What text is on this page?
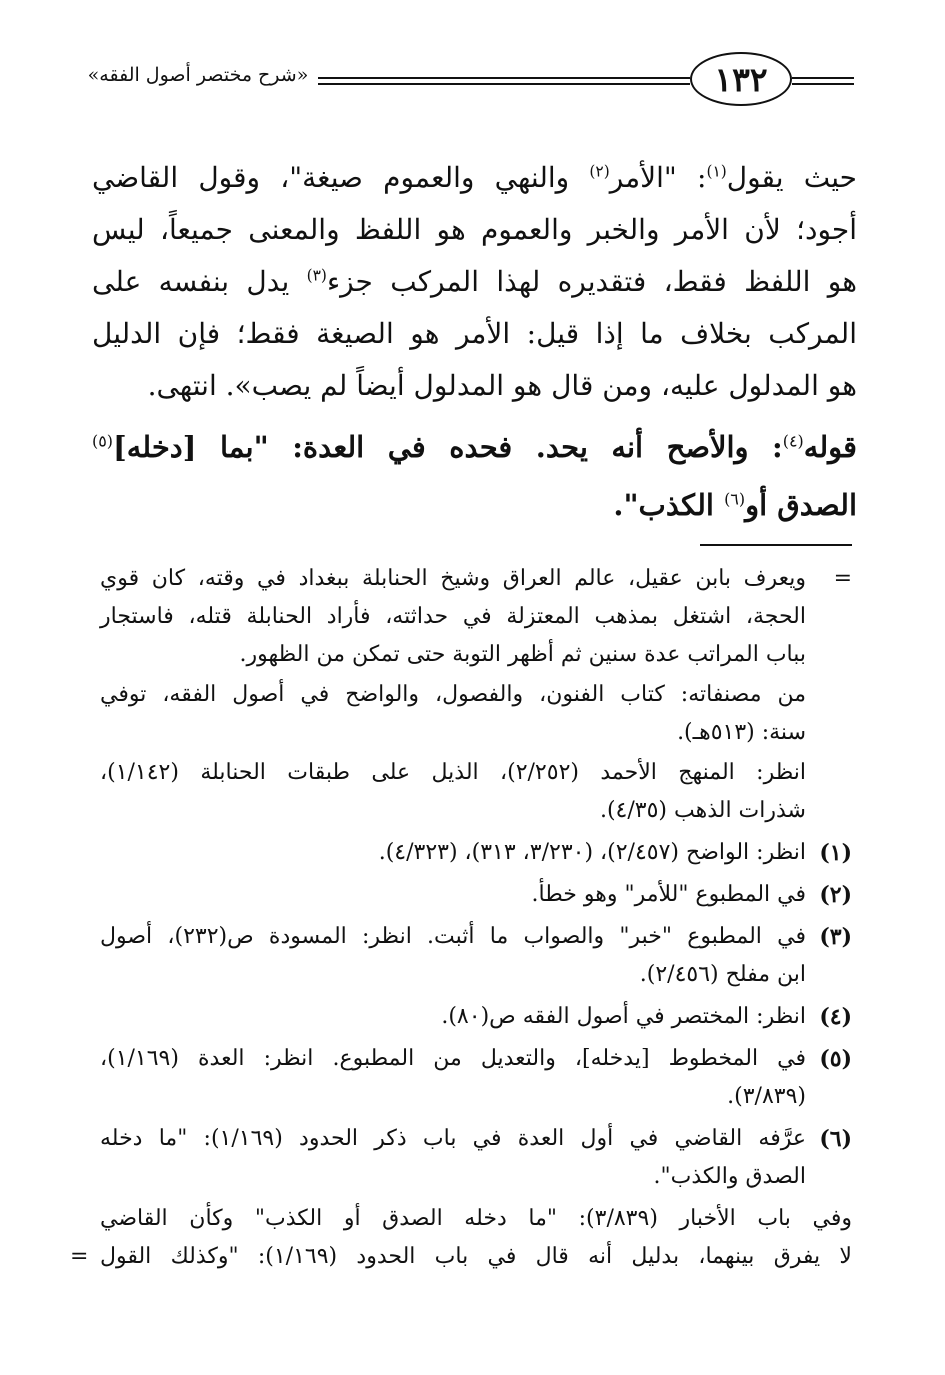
١٣٢
«شرح مختصر أصول الفقه»

حيث يقول$^{(١)}$: "الأمر$^{(٢)}$ والنهي والعموم صيغة"، وقول القاضي
أجود؛ لأن الأمر والخبر والعموم هو اللفظ والمعنى جميعاً، ليس
هو اللفظ فقط، فتقديره لهذا المركب جزء$^{(٣)}$ يدل بنفسه على
المركب بخلاف ما إذا قيل: الأمر هو الصيغة فقط؛ فإن الدليل
هو المدلول عليه، ومن قال هو المدلول أيضاً لم يصب». انتهى.

قوله$^{(٤)}$: والأصح أنه يحد. فحده في العدة: "بما [دخله]$^{(٥)}$
الصدق أو$^{(٦)}$ الكذب".

=
ويعرف بابن عقيل، عالم العراق وشيخ الحنابلة ببغداد في وقته، كان قوي
الحجة، اشتغل بمذهب المعتزلة في حداثته، فأراد الحنابلة قتله، فاستجار
بباب المراتب عدة سنين ثم أظهر التوبة حتى تمكن من الظهور.
من مصنفاته: كتاب الفنون، والفصول، والواضح في أصول الفقه، توفي
سنة: (٥١٣هـ).
انظر: المنهج الأحمد (٢/٢٥٢)، الذيل على طبقات الحنابلة (١/١٤٢)،
شذرات الذهب (٤/٣٥).
(١)
انظر: الواضح (٢/٤٥٧)، (٣/٢٣٠، ٣١٣)، (٤/٣٢٣).
(٢)
في المطبوع "للأمر" وهو خطأ.
(٣)
في المطبوع "خبر" والصواب ما أثبت. انظر: المسودة ص(٢٣٢)، أصول
ابن مفلح (٢/٤٥٦).
(٤)
انظر: المختصر في أصول الفقه ص(٨٠).
(٥)
في المخطوط [يدخله]، والتعديل من المطبوع. انظر: العدة (١/١٦٩)،
(٣/٨٣٩).
(٦)
عرَّفه القاضي في أول العدة في باب ذكر الحدود (١/١٦٩): "ما دخله
الصدق والكذب".
وفي باب الأخبار (٣/٨٣٩): "ما دخله الصدق أو الكذب" وكأن القاضي
لا يفرق بينهما، بدليل أنه قال في باب الحدود (١/١٦٩): "وكذلك القول
=
